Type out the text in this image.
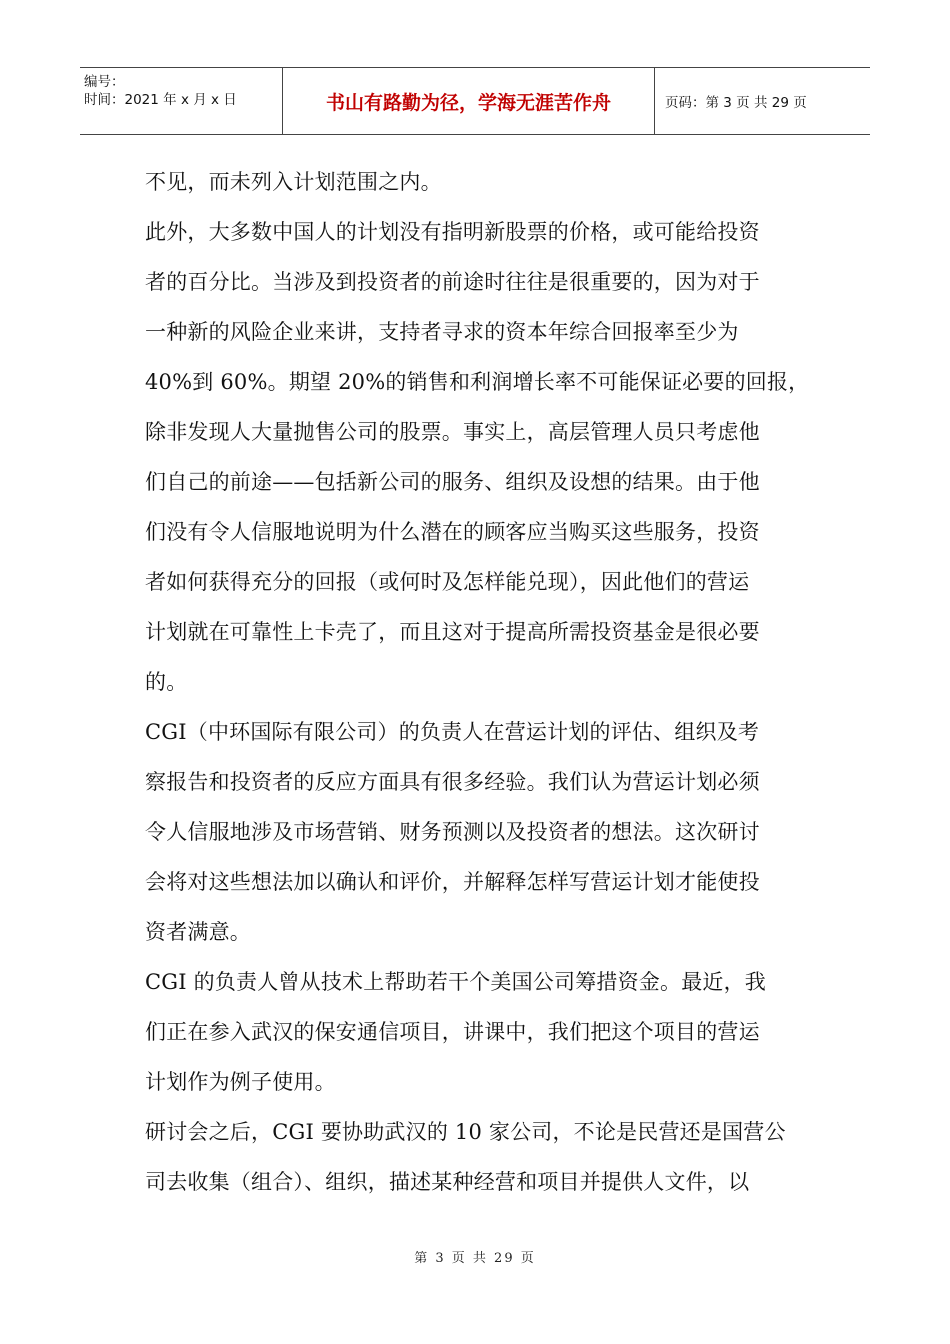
编号：
时间：2021 年 x 月 x 日	书山有路勤为径，学海无涯苦作舟	页码：第 3 页 共 29 页
不见，而未列入计划范围之内。
此外，大多数中国人的计划没有指明新股票的价格，或可能给投资
者的百分比。当涉及到投资者的前途时往往是很重要的，因为对于
一种新的风险企业来讲，支持者寻求的资本年综合回报率至少为
40%到 60%。期望 20%的销售和利润增长率不可能保证必要的回报，
除非发现人大量抛售公司的股票。事实上，高层管理人员只考虑他
们自己的前途——包括新公司的服务、组织及设想的结果。由于他
们没有令人信服地说明为什么潜在的顾客应当购买这些服务，投资
者如何获得充分的回报（或何时及怎样能兑现），因此他们的营运
计划就在可靠性上卡壳了，而且这对于提高所需投资基金是很必要
的。
CGI（中环国际有限公司）的负责人在营运计划的评估、组织及考
察报告和投资者的反应方面具有很多经验。我们认为营运计划必须
令人信服地涉及市场营销、财务预测以及投资者的想法。这次研讨
会将对这些想法加以确认和评价，并解释怎样写营运计划才能使投
资者满意。
CGI 的负责人曾从技术上帮助若干个美国公司筹措资金。最近，我
们正在参入武汉的保安通信项目，讲课中，我们把这个项目的营运
计划作为例子使用。
研讨会之后，CGI 要协助武汉的 10 家公司，不论是民营还是国营公
司去收集（组合）、组织，描述某种经营和项目并提供人文件，以
第 3 页 共 29 页
